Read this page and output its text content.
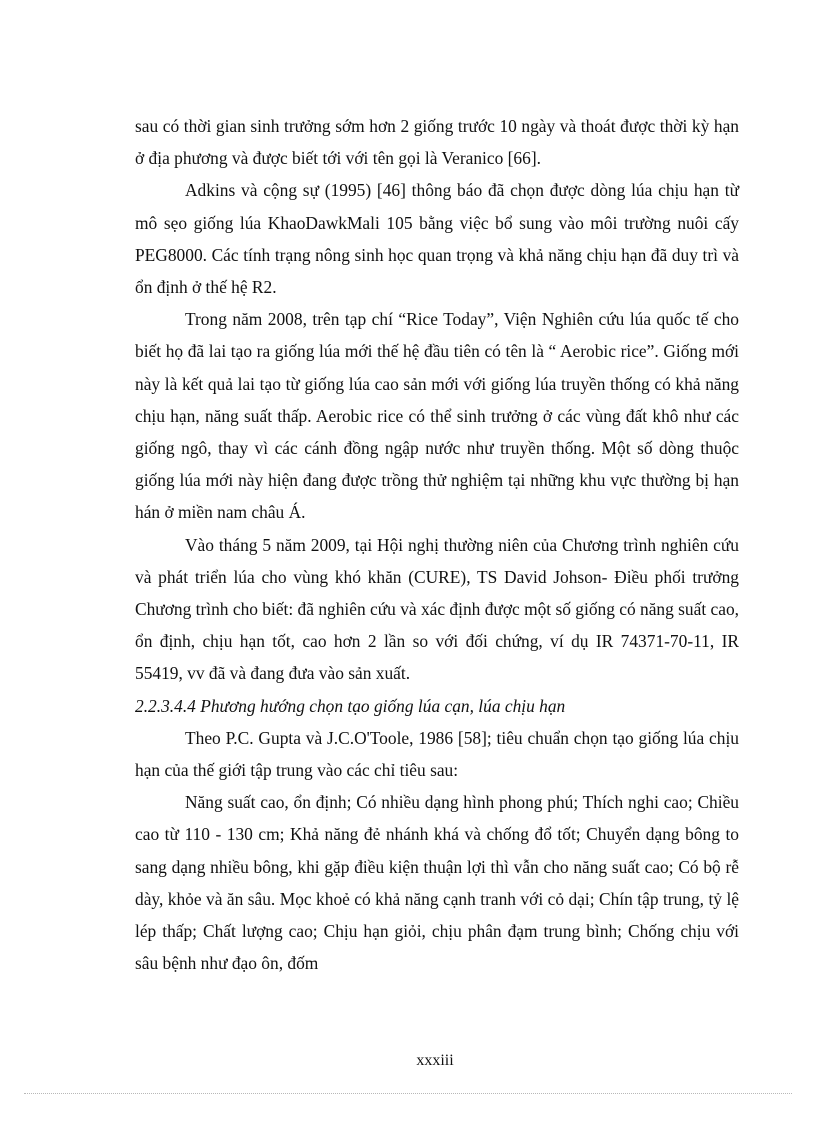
sau có thời gian sinh trưởng sớm hơn 2 giống trước 10 ngày và thoát được thời kỳ hạn ở địa phương và được biết tới với tên gọi là Veranico [66].

Adkins và cộng sự (1995) [46] thông báo đã chọn được dòng lúa chịu hạn từ mô sẹo giống lúa KhaoDawkMali 105 bằng việc bổ sung vào môi trường nuôi cấy PEG8000. Các tính trạng nông sinh học quan trọng và khả năng chịu hạn đã duy trì và ổn định ở thế hệ R2.

Trong năm 2008, trên tạp chí “Rice Today”, Viện Nghiên cứu lúa quốc tế cho biết họ đã lai tạo ra giống lúa mới thế hệ đầu tiên có tên là “ Aerobic rice”. Giống mới này là kết quả lai tạo từ giống lúa cao sản mới với giống lúa truyền thống có khả năng chịu hạn, năng suất thấp. Aerobic rice có thể sinh trưởng ở các vùng đất khô như các giống ngô, thay vì các cánh đồng ngập nước như truyền thống. Một số dòng thuộc giống lúa mới này hiện đang được trồng thử nghiệm tại những khu vực thường bị hạn hán ở miền nam châu Á.

Vào tháng 5 năm 2009, tại Hội nghị thường niên của Chương trình nghiên cứu và phát triển lúa cho vùng khó khăn (CURE), TS David Johson- Điều phối trưởng Chương trình cho biết: đã nghiên cứu và xác định được một số giống có năng suất cao, ổn định, chịu hạn tốt, cao hơn 2 lần so với đối chứng, ví dụ IR 74371-70-11, IR 55419, vv đã và đang đưa vào sản xuất.

2.2.3.4.4 Phương hướng chọn tạo giống lúa cạn, lúa chịu hạn

Theo P.C. Gupta và J.C.O'Toole, 1986 [58]; tiêu chuẩn chọn tạo giống lúa chịu hạn của thế giới tập trung vào các chỉ tiêu sau:

Năng suất cao, ổn định; Có nhiều dạng hình phong phú; Thích nghi cao; Chiều cao từ 110 - 130 cm; Khả năng đẻ nhánh khá và chống đổ tốt; Chuyển dạng bông to sang dạng nhiều bông, khi gặp điều kiện thuận lợi thì vẫn cho năng suất cao; Có bộ rễ dày, khỏe và ăn sâu. Mọc khoẻ có khả năng cạnh tranh với cỏ dại; Chín tập trung, tỷ lệ lép thấp; Chất lượng cao; Chịu hạn giỏi, chịu phân đạm trung bình; Chống chịu với sâu bệnh như đạo ôn, đốm

xxxiii
